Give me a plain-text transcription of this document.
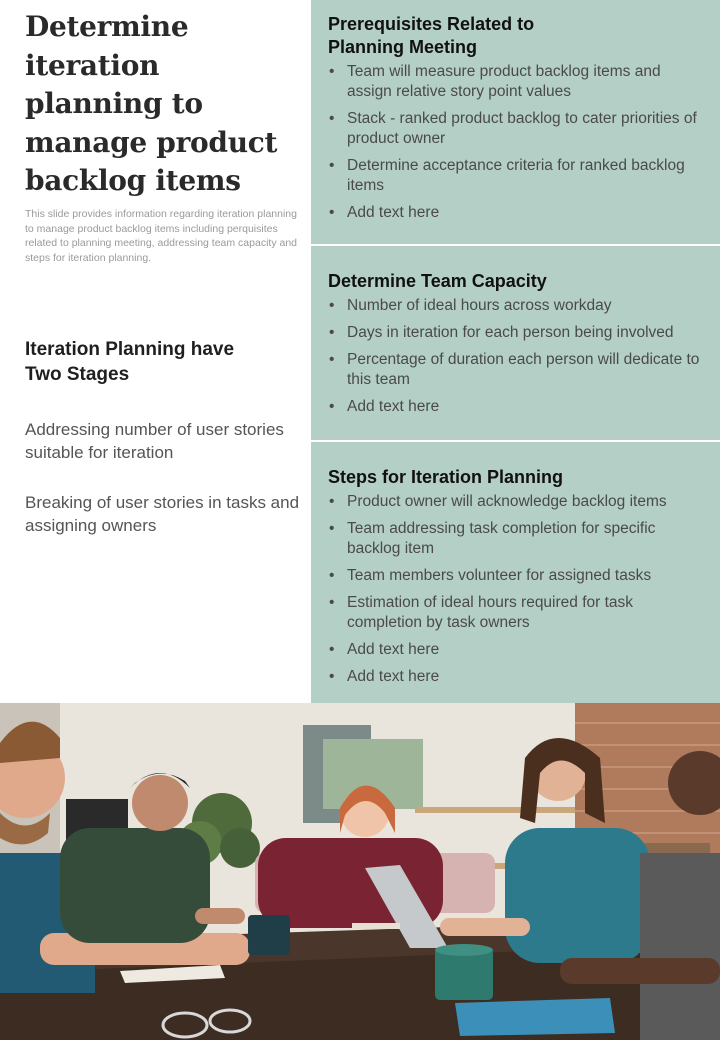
Determine iteration planning to manage product backlog items

This slide provides information regarding iteration planning to manage product backlog items including perquisites related to planning meeting, addressing team capacity and steps for iteration planning.

Iteration Planning have Two Stages

Addressing number of user stories suitable for iteration

Breaking of user stories in tasks and assigning owners

Prerequisites Related to Planning Meeting
• Team will measure product backlog items and assign relative story point values
• Stack - ranked product backlog to cater priorities of product owner
• Determine acceptance criteria for ranked backlog items
• Add text here
Determine Team Capacity
• Number of ideal hours across workday
• Days in iteration for each person being involved
• Percentage of duration each person will dedicate to this team
• Add text here
Steps for Iteration Planning
• Product owner will acknowledge backlog items
• Team addressing task completion for specific backlog item
• Team members volunteer for assigned tasks
• Estimation of ideal hours required for task completion by task owners
• Add text here
• Add text here
